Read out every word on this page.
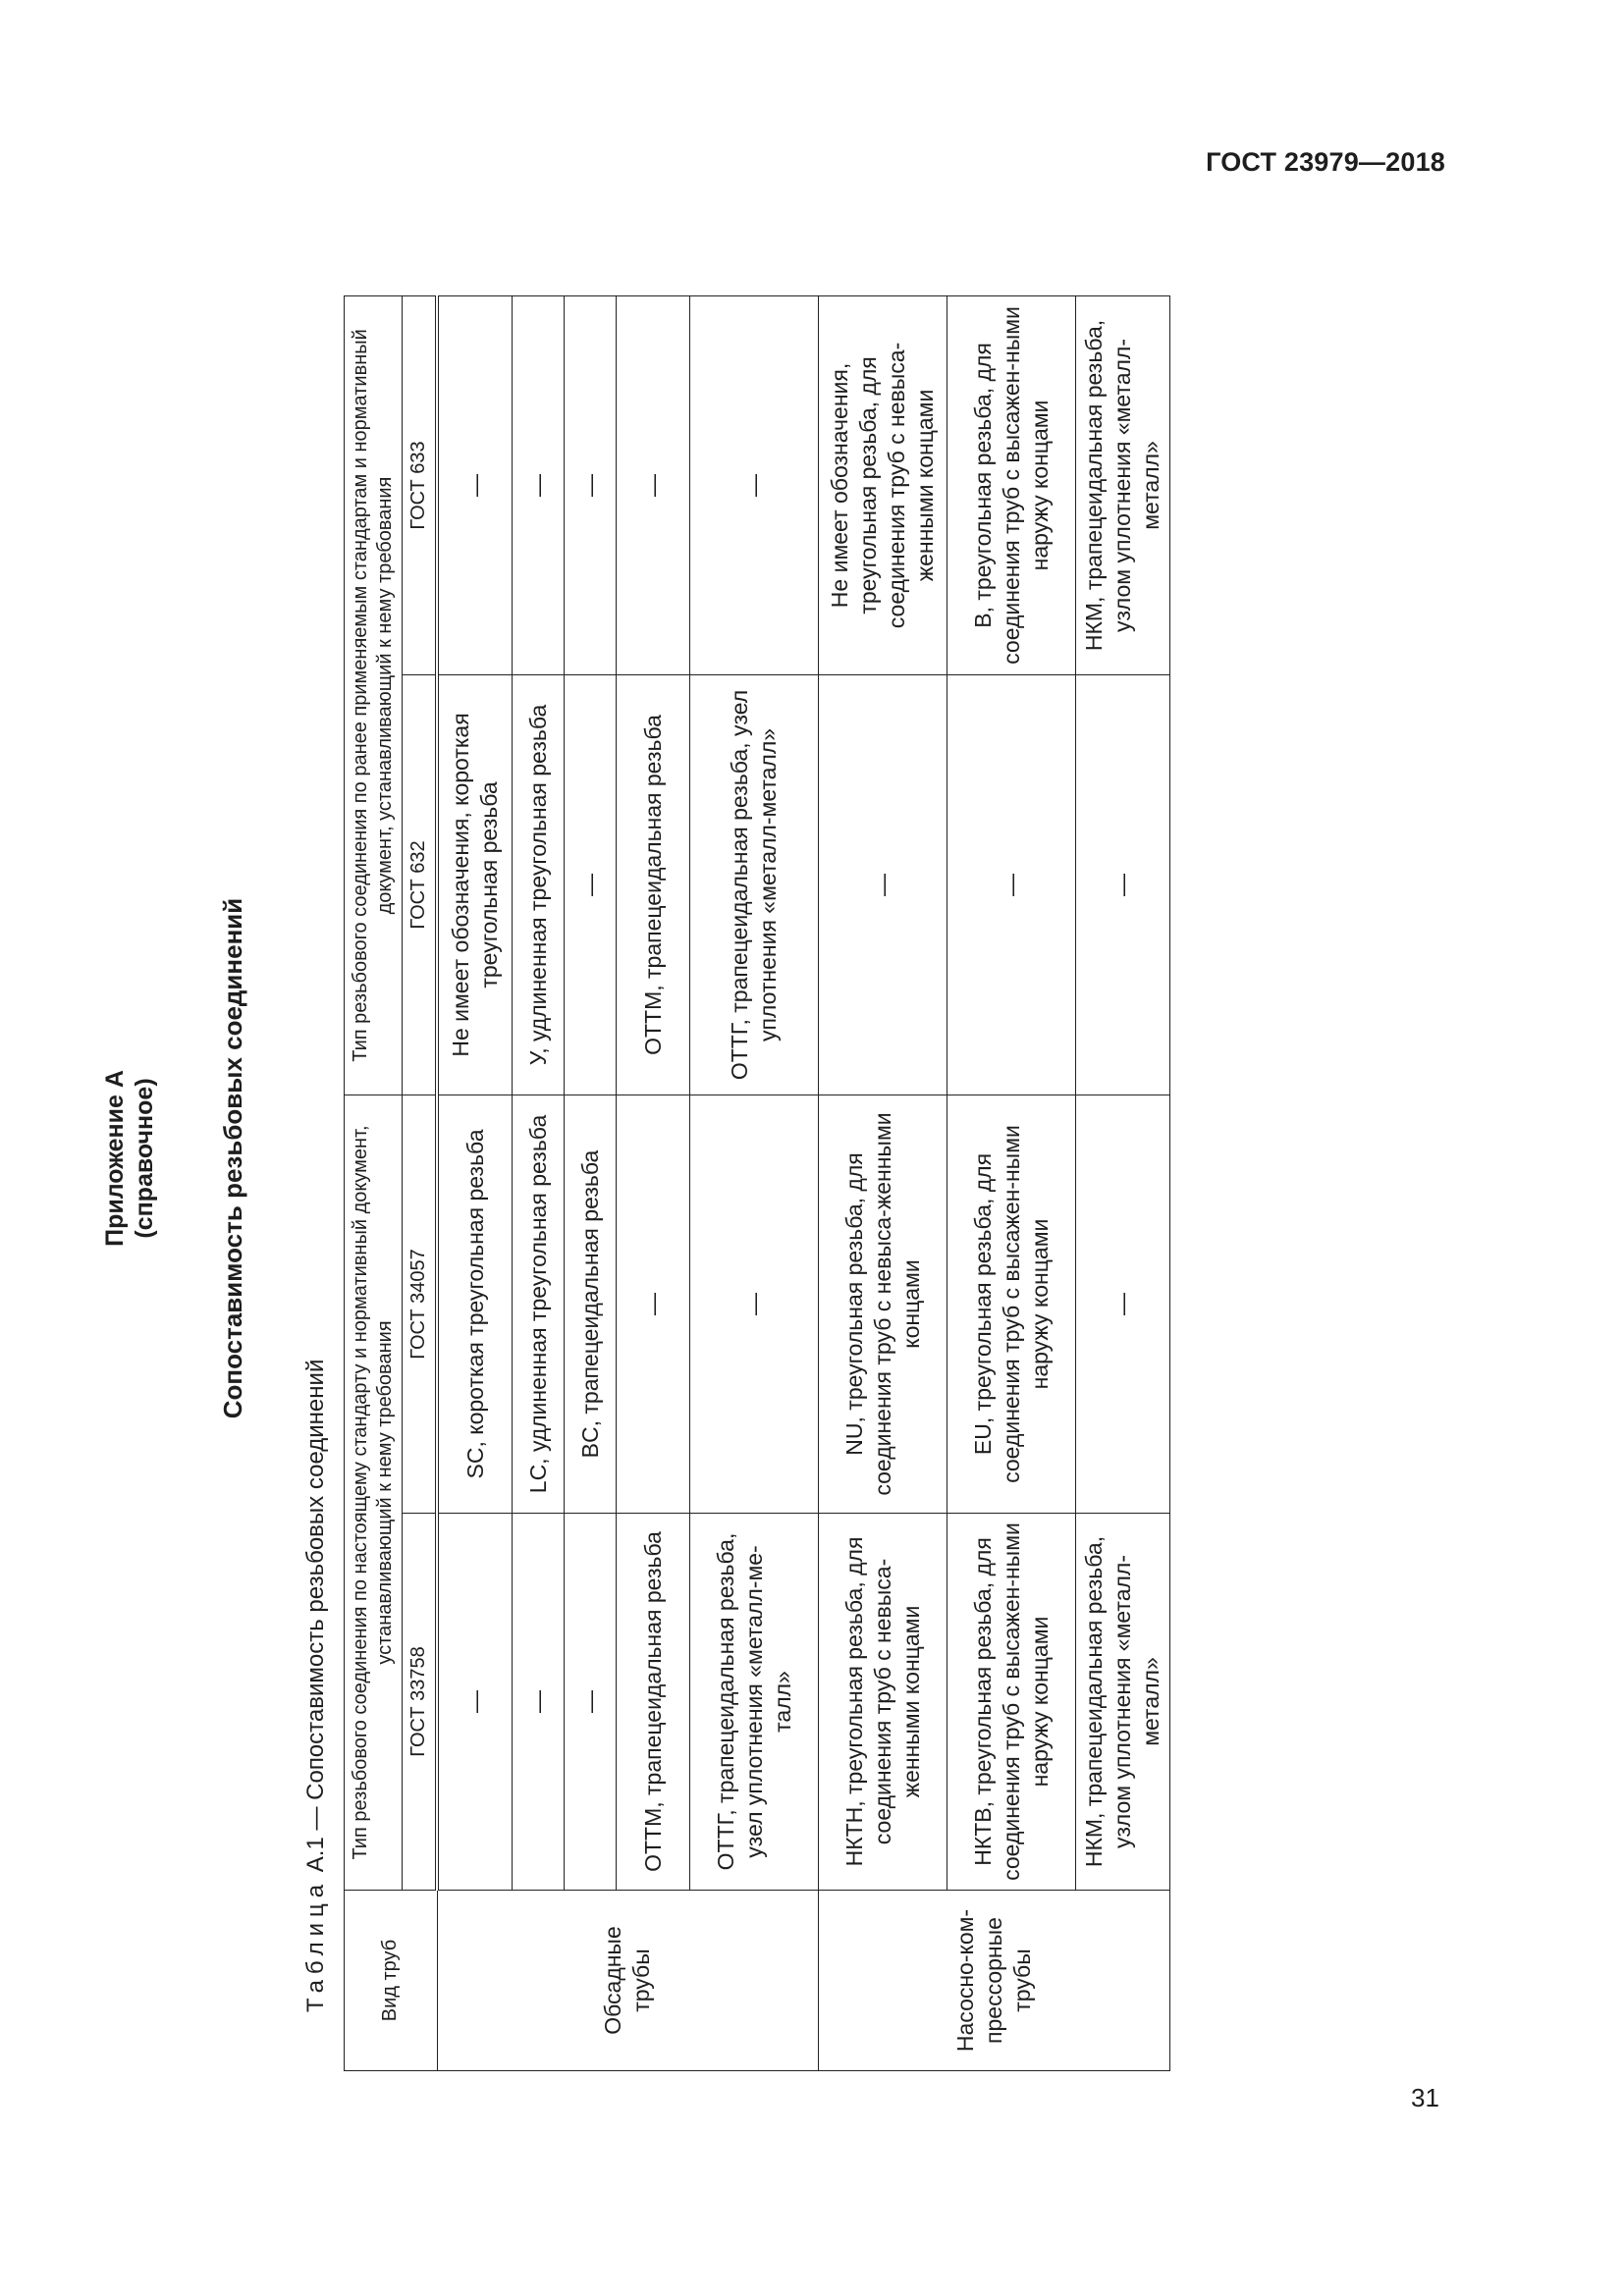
ГОСТ 23979—2018
31
Приложение А (справочное) Сопоставимость резьбовых соединений
Таблица А.1 — Сопоставимость резьбовых соединений
Вид труб	Тип резьбового соединения по настоящему стандарту и нормативный документ, устанавливающий к нему требования		Тип резьбового соединения по ранее применяемым стандартам и нормативный документ, устанавливающий к нему требования	
	ГОСТ 33758	ГОСТ 34057	ГОСТ 632	ГОСТ 633
Обсадные трубы	—	SC, короткая треугольная резьба	Не имеет обозначения, короткая треугольная резьба	—
	—	LC, удлиненная треугольная резьба	У, удлиненная треугольная резьба	—
	—	BC, трапецеидальная резьба	—	—
	ОТТМ, трапецеидальная резьба	—	ОТТМ, трапецеидальная резьба	—
	ОТТГ, трапецеидальная резьба, узел уплотнения «металл-ме-талл»	—	ОТТГ, трапецеидальная резьба, узел уплотнения «металл-металл»	—
Насосно-ком-прессорные трубы	НКТН, треугольная резьба, для соединения труб с невыса-женными концами	NU, треугольная резьба, для соединения труб с невыса-женными концами	—	Не имеет обозначения, треугольная резьба, для соединения труб с невыса-женными концами
	НКТВ, треугольная резьба, для соединения труб с высажен-ными наружу концами	EU, треугольная резьба, для соединения труб с высажен-ными наружу концами	—	В, треугольная резьба, для соединения труб с высажен-ными наружу концами
	НКМ, трапецеидальная резьба, узлом уплотнения «металл-металл»	—	—	НКМ, трапецеидальная резьба, узлом уплотнения «металл-металл»
